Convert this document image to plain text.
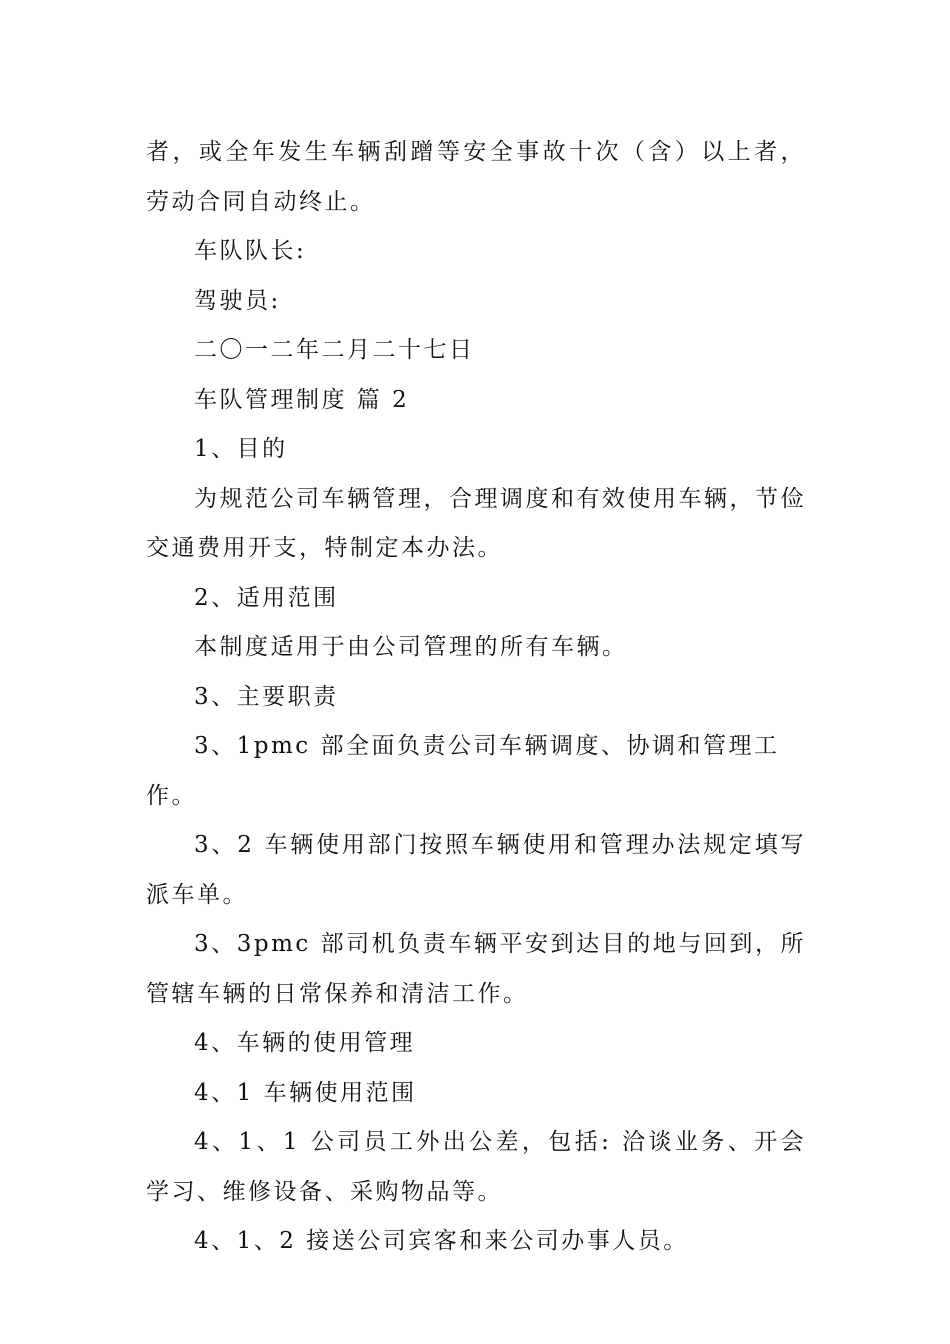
者，或全年发生车辆刮蹭等安全事故十次（含）以上者，劳动合同自动终止。

车队队长:

驾驶员:

二〇一二年二月二十七日

车队管理制度 篇 2

1、目的

为规范公司车辆管理，合理调度和有效使用车辆，节俭交通费用开支，特制定本办法。

2、适用范围

本制度适用于由公司管理的所有车辆。

3、主要职责

3、1pmc 部全面负责公司车辆调度、协调和管理工作。

3、2 车辆使用部门按照车辆使用和管理办法规定填写派车单。

3、3pmc 部司机负责车辆平安到达目的地与回到，所管辖车辆的日常保养和清洁工作。

4、车辆的使用管理

4、1 车辆使用范围

4、1、1 公司员工外出公差，包括: 洽谈业务、开会学习、维修设备、采购物品等。

4、1、2 接送公司宾客和来公司办事人员。
